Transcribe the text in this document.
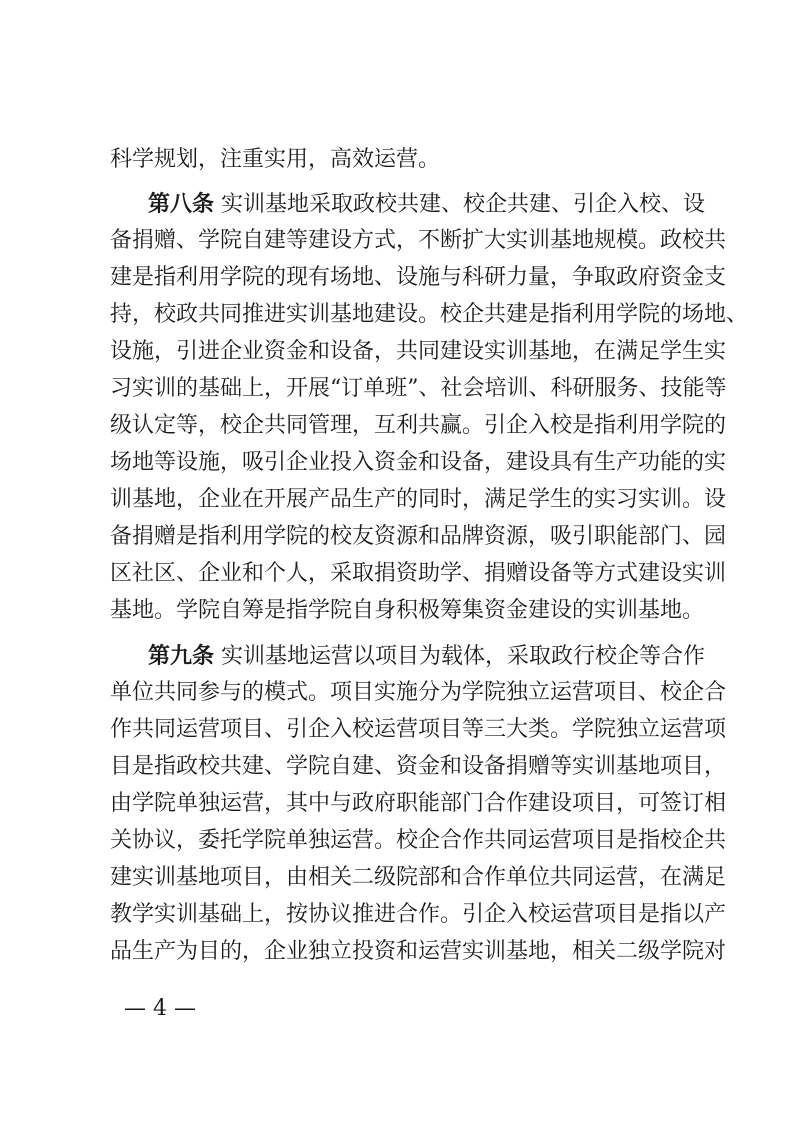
科学规划，注重实用，高效运营。
第八条 实训基地采取政校共建、校企共建、引企入校、设
备捐赠、学院自建等建设方式，不断扩大实训基地规模。政校共
建是指利用学院的现有场地、设施与科研力量，争取政府资金支
持，校政共同推进实训基地建设。校企共建是指利用学院的场地、
设施，引进企业资金和设备，共同建设实训基地，在满足学生实
习实训的基础上，开展“订单班”、社会培训、科研服务、技能等
级认定等，校企共同管理，互利共赢。引企入校是指利用学院的
场地等设施，吸引企业投入资金和设备，建设具有生产功能的实
训基地，企业在开展产品生产的同时，满足学生的实习实训。设
备捐赠是指利用学院的校友资源和品牌资源，吸引职能部门、园
区社区、企业和个人，采取捐资助学、捐赠设备等方式建设实训
基地。学院自筹是指学院自身积极筹集资金建设的实训基地。
第九条 实训基地运营以项目为载体，采取政行校企等合作
单位共同参与的模式。项目实施分为学院独立运营项目、校企合
作共同运营项目、引企入校运营项目等三大类。学院独立运营项
目是指政校共建、学院自建、资金和设备捐赠等实训基地项目，
由学院单独运营，其中与政府职能部门合作建设项目，可签订相
关协议，委托学院单独运营。校企合作共同运营项目是指校企共
建实训基地项目，由相关二级院部和合作单位共同运营，在满足
教学实训基础上，按协议推进合作。引企入校运营项目是指以产
品生产为目的，企业独立投资和运营实训基地，相关二级学院对
— 4 —
